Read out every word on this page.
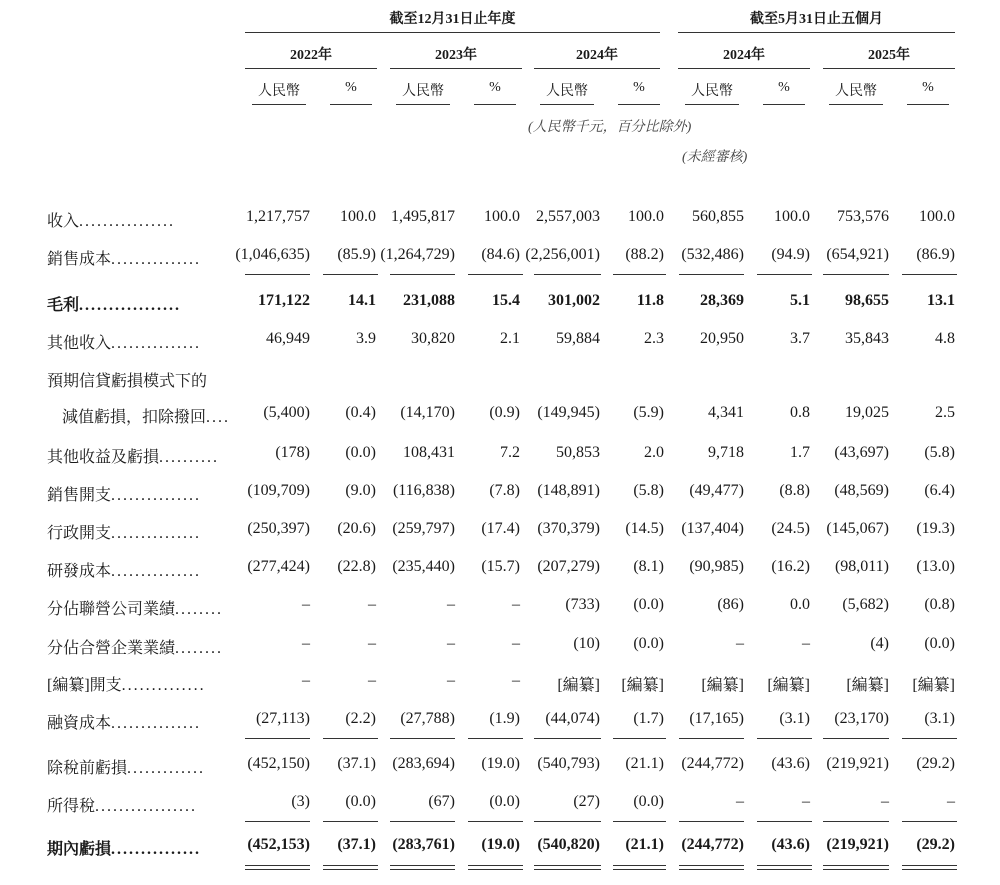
截至12月31日止年度	截至5月31日止五個月
2022年	2023年	2024年	2024年	2025年
人民幣	%	人民幣	%	人民幣	%	人民幣	%	人民幣	%
(人民幣千元，百分比除外)
(未經審核)
收入................	1,217,757 100.0 1,495,817 100.0 2,557,003 100.0 560,855 100.0 753,576 100.0
銷售成本............... (1,046,635) (85.9) (1,264,729) (84.6) (2,256,001) (88.2) (532,486) (94.9) (654,921) (86.9)
毛利.................	171,122 14.1 231,088 15.4 301,002 11.8 28,369	5.1 98,655 13.1
其他收入...............	46,949	3.9 30,820	2.1 59,884	2.3 20,950	3.7 35,843	4.8
預期信貸虧損模式下的
減值虧損，扣除撥回.... (5,400) (0.4) (14,170) (0.9) (149,945) (5.9)	4,341	0.8 19,025	2.5
其他收益及虧損..........	(178) (0.0) 108,431	7.2 50,853	2.0	9,718	1.7 (43,697) (5.8)
銷售開支...............	(109,709) (9.0) (116,838) (7.8) (148,891) (5.8) (49,477) (8.8) (48,569) (6.4)
行政開支...............	(250,397) (20.6) (259,797) (17.4) (370,379) (14.5) (137,404) (24.5) (145,067) (19.3)
研發成本...............	(277,424) (22.8) (235,440) (15.7) (207,279) (8.1) (90,985) (16.2) (98,011) (13.0)
分佔聯營公司業績........	–	–	–	–	(733) (0.0)	(86)	0.0 (5,682) (0.8)
分佔合營企業業績........	–	–	–	–	(10) (0.0)	–	–	(4) (0.0)
[編纂]開支..............	–	–	–	– [編纂] [編纂] [編纂] [編纂] [編纂] [編纂]
融資成本...............	(27,113) (2.2) (27,788) (1.9) (44,074) (1.7) (17,165) (3.1) (23,170) (3.1)
除稅前虧損.............	(452,150) (37.1) (283,694) (19.0) (540,793) (21.1) (244,772) (43.6) (219,921) (29.2)
所得稅.................	(3) (0.0)	(67) (0.0)	(27) (0.0)	–	–	–	–
期內虧損...............	(452,153) (37.1) (283,761) (19.0) (540,820) (21.1) (244,772) (43.6) (219,921) (29.2)
